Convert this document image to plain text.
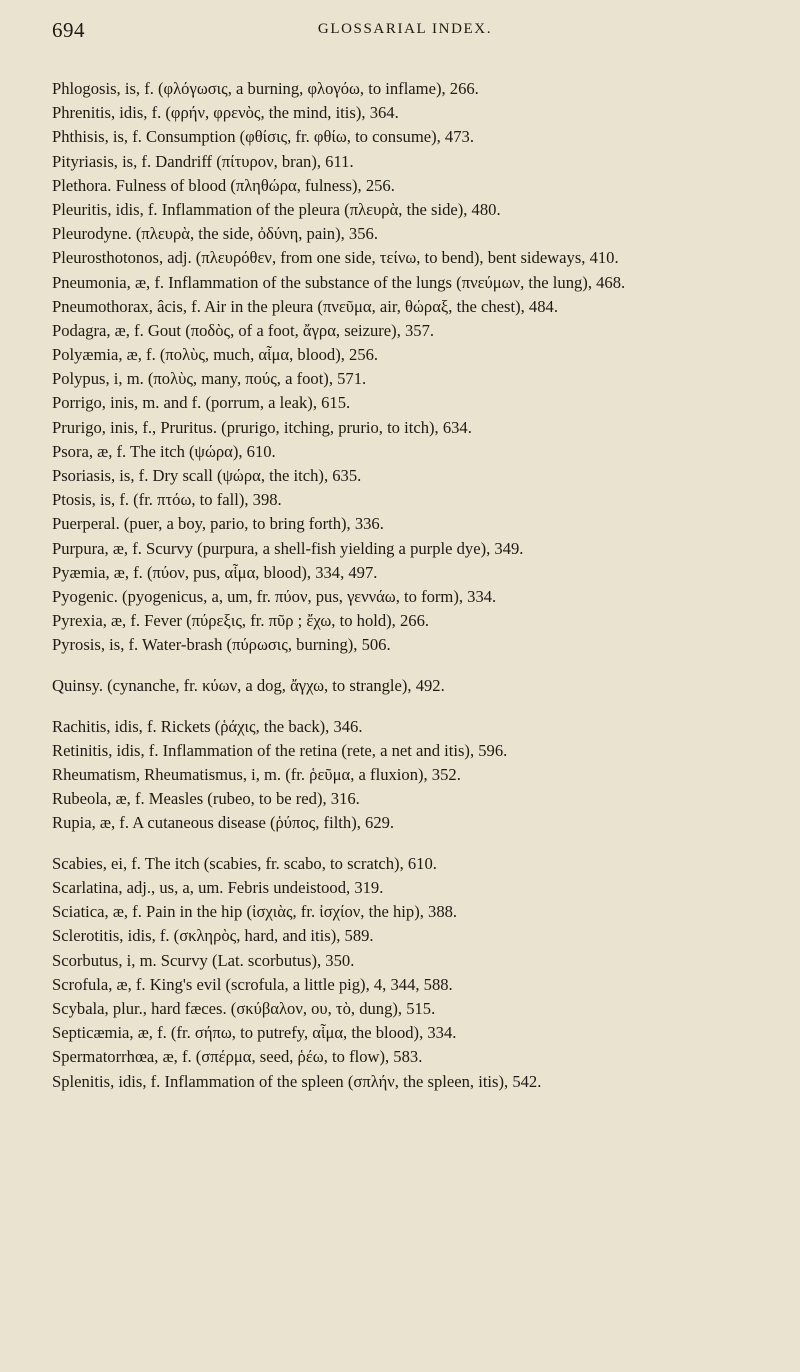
694	GLOSSARIAL INDEX.

Phlogosis, is, f. (φλόγωσις, a burning, φλογόω, to inflame), 266.

Phrenitis, idis, f. (φρήν, φρενὸς, the mind, itis), 364.

Phthisis, is, f. Consumption (φθίσις, fr. φθίω, to consume), 473.

Pityriasis, is, f. Dandriff (πίτυρον, bran), 611.

Plethora. Fulness of blood (πληθώρα, fulness), 256.

Pleuritis, idis, f. Inflammation of the pleura (πλευρὰ, the side), 480.

Pleurodyne. (πλευρὰ, the side, ὀδύνη, pain), 356.

Pleurosthotonos, adj. (πλευρόθεν, from one side, τείνω, to bend), bent sideways, 410.

Pneumonia, æ, f. Inflammation of the substance of the lungs (πνεύμων, the lung), 468.

Pneumothorax, âcis, f. Air in the pleura (πνεῦμα, air, θώραξ, the chest), 484.

Podagra, æ, f. Gout (ποδὸς, of a foot, ἄγρα, seizure), 357.

Polyæmia, æ, f. (πολὺς, much, αἷμα, blood), 256.

Polypus, i, m. (πολὺς, many, πούς, a foot), 571.

Porrigo, inis, m. and f. (porrum, a leak), 615.

Prurigo, inis, f., Pruritus. (prurigo, itching, prurio, to itch), 634.

Psora, æ, f. The itch (ψώρα), 610.

Psoriasis, is, f. Dry scall (ψώρα, the itch), 635.

Ptosis, is, f. (fr. πτόω, to fall), 398.

Puerperal. (puer, a boy, pario, to bring forth), 336.

Purpura, æ, f. Scurvy (purpura, a shell-fish yielding a purple dye), 349.

Pyæmia, æ, f. (πύον, pus, αἷμα, blood), 334, 497.

Pyogenic. (pyogenicus, a, um, fr. πύον, pus, γεννάω, to form), 334.

Pyrexia, æ, f. Fever (πύρεξις, fr. πῦρ ; ἔχω, to hold), 266.

Pyrosis, is, f. Water-brash (πύρωσις, burning), 506.

Quinsy. (cynanche, fr. κύων, a dog, ἄγχω, to strangle), 492.

Rachitis, idis, f. Rickets (ῥάχις, the back), 346.

Retinitis, idis, f. Inflammation of the retina (rete, a net and itis), 596.

Rheumatism, Rheumatismus, i, m. (fr. ῥεῦμα, a fluxion), 352.

Rubeola, æ, f. Measles (rubeo, to be red), 316.

Rupia, æ, f. A cutaneous disease (ῥύπος, filth), 629.

Scabies, ei, f. The itch (scabies, fr. scabo, to scratch), 610.

Scarlatina, adj., us, a, um. Febris undeistood, 319.

Sciatica, æ, f. Pain in the hip (ἰσχιὰς, fr. ἰσχίον, the hip), 388.

Sclerotitis, idis, f. (σκληρὸς, hard, and itis), 589.

Scorbutus, i, m. Scurvy (Lat. scorbutus), 350.

Scrofula, æ, f. King's evil (scrofula, a little pig), 4, 344, 588.

Scybala, plur., hard fæces. (σκύβαλον, ου, τὸ, dung), 515.

Septicæmia, æ, f. (fr. σήπω, to putrefy, αἷμα, the blood), 334.

Spermatorrhœa, æ, f. (σπέρμα, seed, ῥέω, to flow), 583.

Splenitis, idis, f. Inflammation of the spleen (σπλήν, the spleen, itis), 542.
